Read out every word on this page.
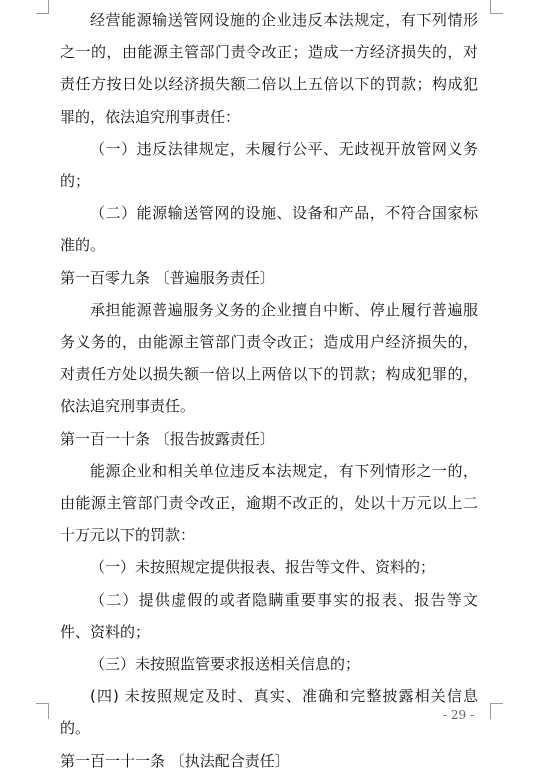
经营能源输送管网设施的企业违反本法规定，有下列情形之一的，由能源主管部门责令改正；造成一方经济损失的，对责任方按日处以经济损失额二倍以上五倍以下的罚款；构成犯罪的，依法追究刑事责任：

（一）违反法律规定，未履行公平、无歧视开放管网义务的；

（二）能源输送管网的设施、设备和产品，不符合国家标准的。

第一百零九条 〔普遍服务责任〕

承担能源普遍服务义务的企业擅自中断、停止履行普遍服务义务的，由能源主管部门责令改正；造成用户经济损失的，对责任方处以损失额一倍以上两倍以下的罚款；构成犯罪的，依法追究刑事责任。

第一百一十条 〔报告披露责任〕

能源企业和相关单位违反本法规定，有下列情形之一的，由能源主管部门责令改正，逾期不改正的，处以十万元以上二十万元以下的罚款：

（一）未按照规定提供报表、报告等文件、资料的；

（二）提供虚假的或者隐瞒重要事实的报表、报告等文件、资料的；

（三）未按照监管要求报送相关信息的；

(四) 未按照规定及时、真实、准确和完整披露相关信息的。

第一百一十一条 〔执法配合责任〕

- 29 -
